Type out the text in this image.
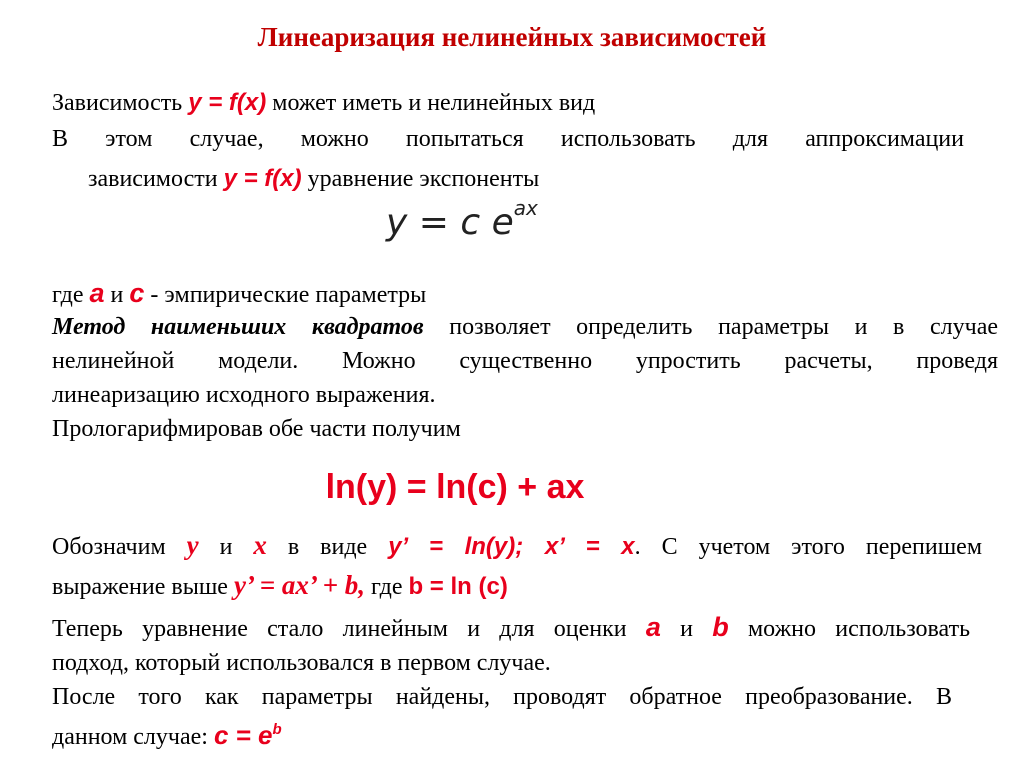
Линеаризация нелинейных зависимостей
Зависимость y = f(x) может иметь и нелинейных вид
В этом случае, можно попытаться использовать для аппроксимации
зависимости y = f(x) уравнение экспоненты
y = c $e^{ax}$
где a и c - эмпирические параметры
Метод наименьших квадратов позволяет определить параметры и в случае
нелинейной модели. Можно существенно упростить расчеты, проведя
линеаризацию исходного выражения.
Прологарифмировав обе части получим
ln(y) = ln(c) + ax
Обозначим y и x в виде y’ = ln(y); x’ = x. С учетом этого перепишем
выражение выше y’ = ax’ + b, где b = ln (c)
Теперь уравнение стало линейным и для оценки a и b можно использовать
подход, который использовался в первом случае.
После того как параметры найдены, проводят обратное преобразование. В
данном случае: $c = e^b$
